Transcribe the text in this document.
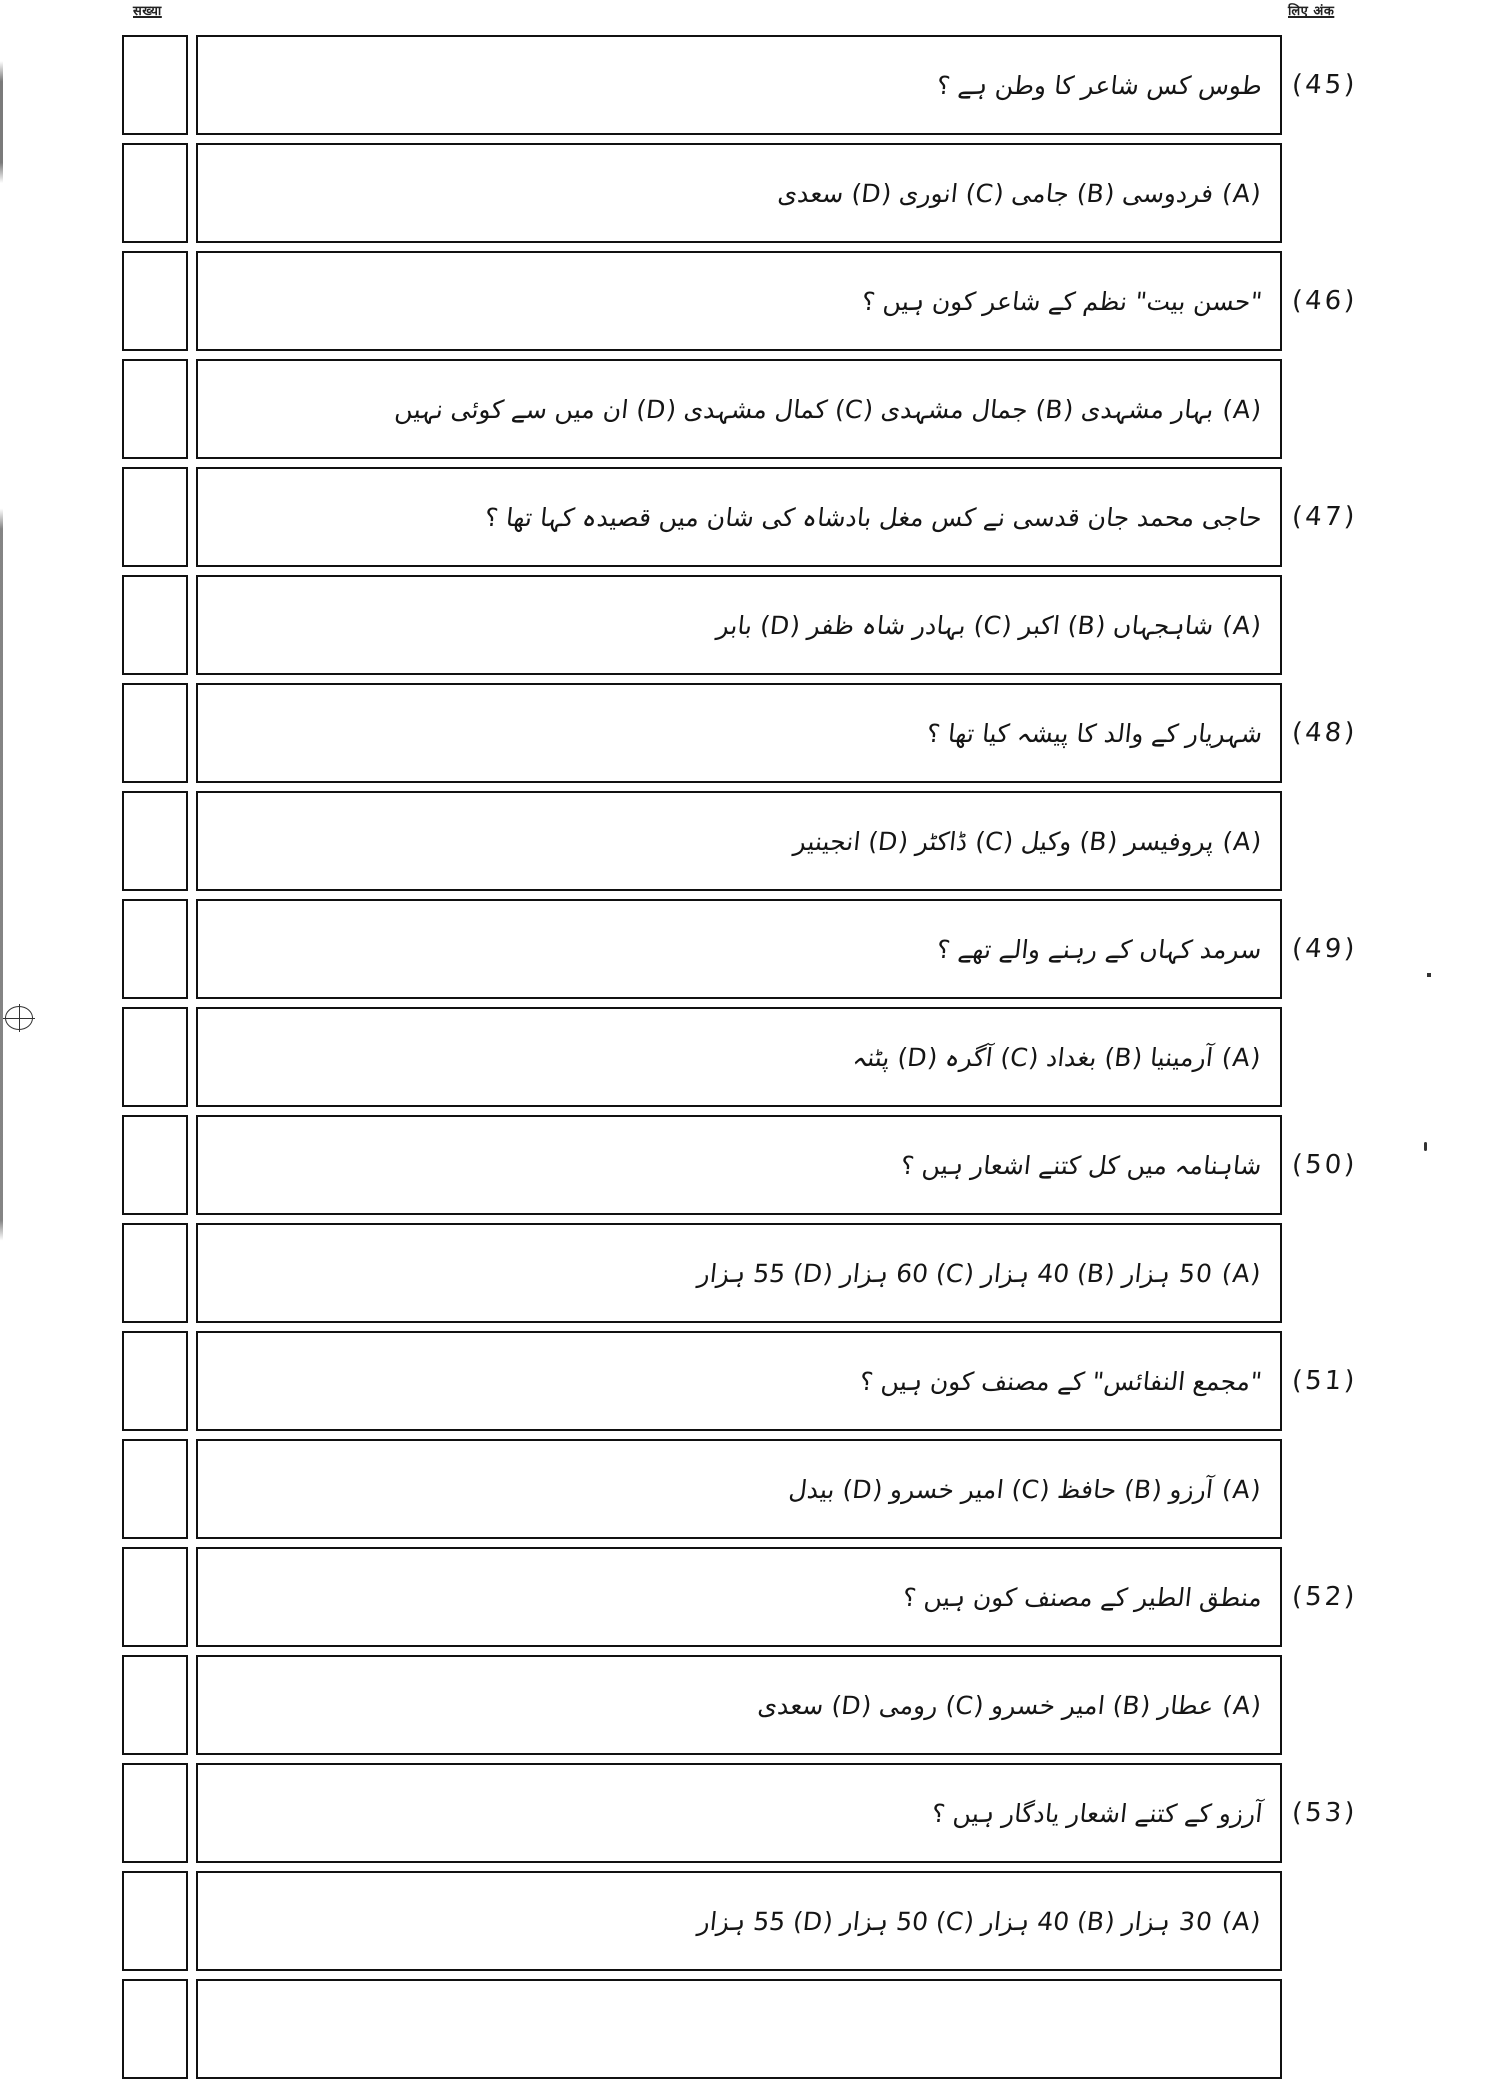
सख्या	लिए अंक
طوس کس شاعر کا وطن ہے ؟ (45)
(A) فردوسی (B) جامی (C) انوری (D) سعدی
"حسن بیت" نظم کے شاعر کون ہیں ؟ (46)
(A) بہار مشہدی (B) جمال مشہدی (C) کمال مشہدی (D) ان میں سے کوئی نہیں
حاجی محمد جان قدسی نے کس مغل بادشاہ کی شان میں قصیدہ کہا تھا ؟ (47)
(A) شاہجہاں (B) اکبر (C) بہادر شاہ ظفر (D) بابر
شہریار کے والد کا پیشہ کیا تھا ؟ (48)
(A) پروفیسر (B) وکیل (C) ڈاکٹر (D) انجینیر
سرمد کہاں کے رہنے والے تھے ؟ (49)
(A) آرمینیا (B) بغداد (C) آگرہ (D) پٹنہ
شاہنامہ میں کل کتنے اشعار ہیں ؟ (50)
(A) 50 ہزار (B) 40 ہزار (C) 60 ہزار (D) 55 ہزار
"مجمع النفائس" کے مصنف کون ہیں ؟ (51)
(A) آرزو (B) حافظ (C) امیر خسرو (D) بیدل
منطق الطیر کے مصنف کون ہیں ؟ (52)
(A) عطار (B) امیر خسرو (C) رومی (D) سعدی
آرزو کے کتنے اشعار یادگار ہیں ؟ (53)
(A) 30 ہزار (B) 40 ہزار (C) 50 ہزار (D) 55 ہزار
